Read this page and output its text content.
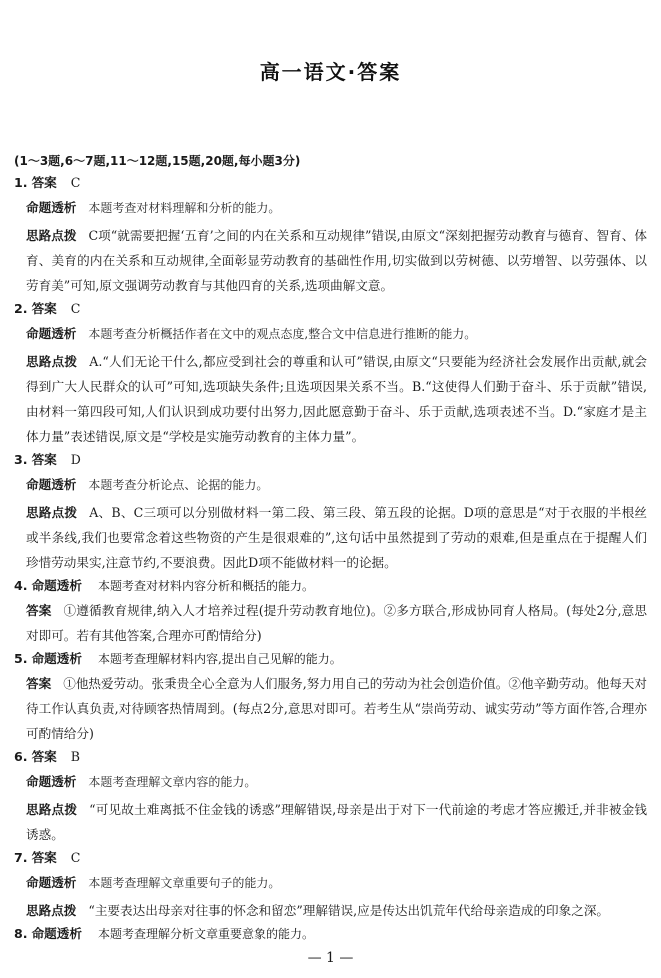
高一语文·答案
(1～3题,6～7题,11～12题,15题,20题,每小题3分)
1. 答案 C
命题透析 本题考查对材料理解和分析的能力。
思路点拨 C项“就需要把握‘五育’之间的内在关系和互动规律”错误,由原文“深刻把握劳动教育与德育、智育、体育、美育的内在关系和互动规律,全面彰显劳动教育的基础性作用,切实做到以劳树德、以劳增智、以劳强体、以劳育美”可知,原文强调劳动教育与其他四育的关系,选项曲解文意。
2. 答案 C
命题透析 本题考查分析概括作者在文中的观点态度,整合文中信息进行推断的能力。
思路点拨 A.“人们无论干什么,都应受到社会的尊重和认可”错误,由原文“只要能为经济社会发展作出贡献,就会得到广大人民群众的认可”可知,选项缺失条件;且选项因果关系不当。B.“这使得人们勤于奋斗、乐于贡献”错误,由材料一第四段可知,人们认识到成功要付出努力,因此愿意勤于奋斗、乐于贡献,选项表述不当。D.“家庭才是主体力量”表述错误,原文是“学校是实施劳动教育的主体力量”。
3. 答案 D
命题透析 本题考查分析论点、论据的能力。
思路点拨 A、B、C三项可以分别做材料一第二段、第三段、第五段的论据。D项的意思是“对于衣服的半根丝或半条线,我们也要常念着这些物资的产生是很艰难的”,这句话中虽然提到了劳动的艰难,但是重点在于提醒人们珍惜劳动果实,注意节约,不要浪费。因此D项不能做材料一的论据。
4. 命题透析 本题考查对材料内容分析和概括的能力。
答案 ①遵循教育规律,纳入人才培养过程(提升劳动教育地位)。②多方联合,形成协同育人格局。(每处2分,意思对即可。若有其他答案,合理亦可酌情给分)
5. 命题透析 本题考查理解材料内容,提出自己见解的能力。
答案 ①他热爱劳动。张秉贵全心全意为人们服务,努力用自己的劳动为社会创造价值。②他辛勤劳动。他每天对待工作认真负责,对待顾客热情周到。(每点2分,意思对即可。若考生从“崇尚劳动、诚实劳动”等方面作答,合理亦可酌情给分)
6. 答案 B
命题透析 本题考查理解文章内容的能力。
思路点拨 “可见故土难离抵不住金钱的诱惑”理解错误,母亲是出于对下一代前途的考虑才答应搬迁,并非被金钱诱惑。
7. 答案 C
命题透析 本题考查理解文章重要句子的能力。
思路点拨 “主要表达出母亲对往事的怀念和留恋”理解错误,应是传达出饥荒年代给母亲造成的印象之深。
8. 命题透析 本题考查理解分析文章重要意象的能力。
— 1 —
